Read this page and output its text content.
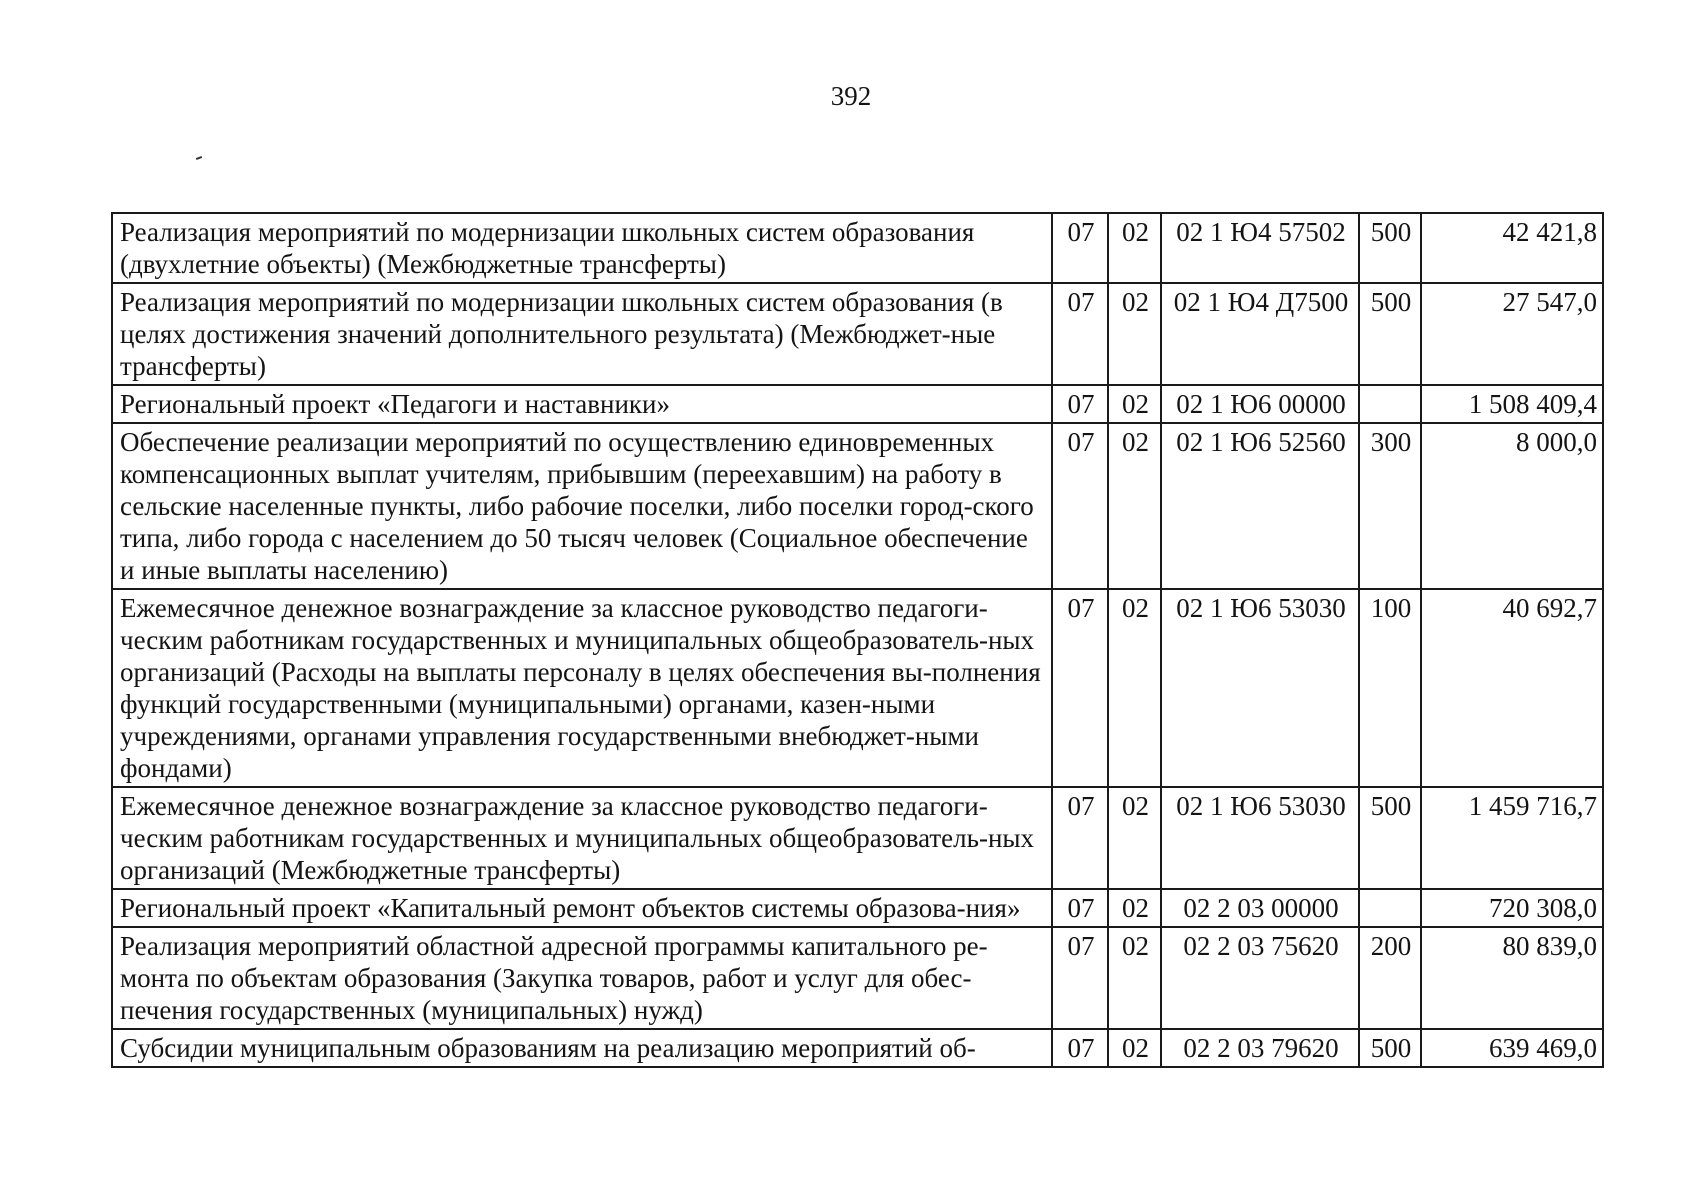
392
Реализация мероприятий по модернизации школьных систем образования (двухлетние объекты) (Межбюджетные трансферты)	07	02	02 1 Ю4 57502	500	42 421,8
Реализация мероприятий по модернизации школьных систем образования (в целях достижения значений дополнительного результата) (Межбюджет-ные трансферты)	07	02	02 1 Ю4 Д7500	500	27 547,0
Региональный проект «Педагоги и наставники»	07	02	02 1 Ю6 00000		1 508 409,4
Обеспечение реализации мероприятий по осуществлению единовременных компенсационных выплат учителям, прибывшим (переехавшим) на работу в сельские населенные пункты, либо рабочие поселки, либо поселки город-ского типа, либо города с населением до 50 тысяч человек (Социальное обеспечение и иные выплаты населению)	07	02	02 1 Ю6 52560	300	8 000,0
Ежемесячное денежное вознаграждение за классное руководство педагоги-ческим работникам государственных и муниципальных общеобразователь-ных организаций (Расходы на выплаты персоналу в целях обеспечения вы-полнения функций государственными (муниципальными) органами, казен-ными учреждениями, органами управления государственными внебюджет-ными фондами)	07	02	02 1 Ю6 53030	100	40 692,7
Ежемесячное денежное вознаграждение за классное руководство педагоги-ческим работникам государственных и муниципальных общеобразователь-ных организаций (Межбюджетные трансферты)	07	02	02 1 Ю6 53030	500	1 459 716,7
Региональный проект «Капитальный ремонт объектов системы образова-ния»	07	02	02 2 03 00000		720 308,0
Реализация мероприятий областной адресной программы капитального ре-монта по объектам образования (Закупка товаров, работ и услуг для обес-печения государственных (муниципальных) нужд)	07	02	02 2 03 75620	200	80 839,0
Субсидии муниципальным образованиям на реализацию мероприятий об-	07	02	02 2 03 79620	500	639 469,0
